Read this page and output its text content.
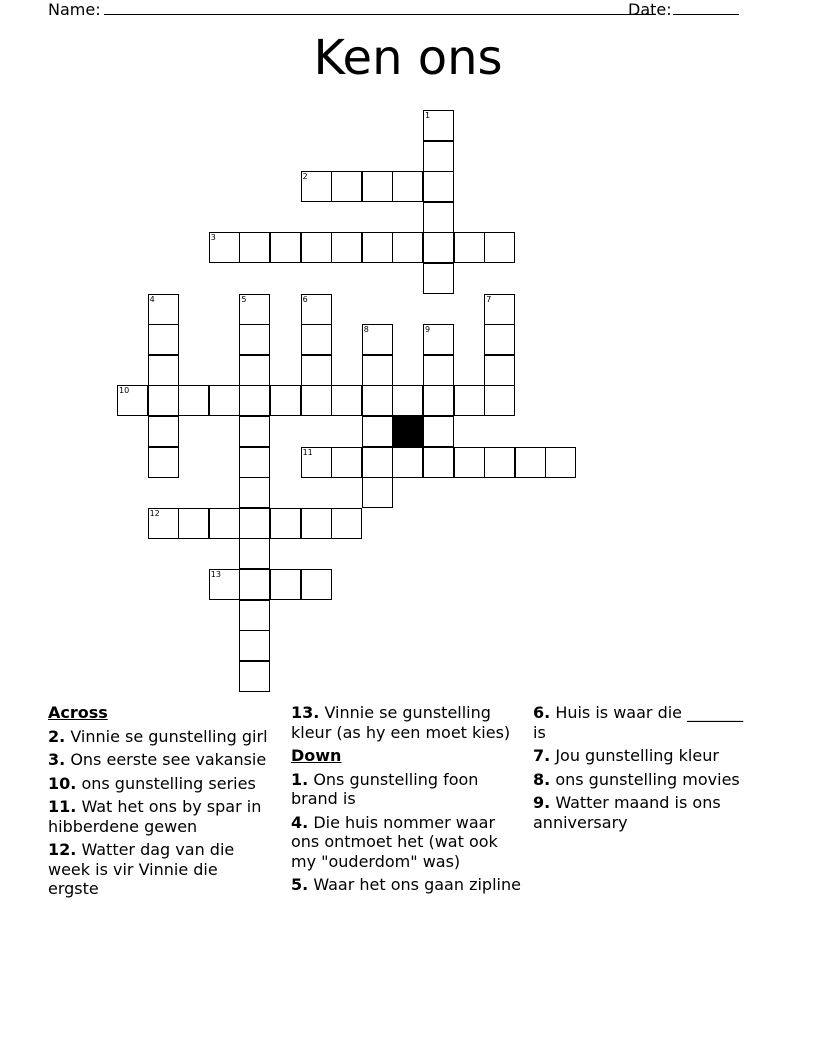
Name:	Date:
Ken ons
1
2
3
4	5	6	7
8	9
10
11
12
13
Across
2. Vinnie se gunstelling girl
3. Ons eerste see vakansie
10. ons gunstelling series
11. Wat het ons by spar in hibberdene gewen
12. Watter dag van die week is vir Vinnie die ergste
13. Vinnie se gunstelling kleur (as hy een moet kies)
Down
1. Ons gunstelling foon brand is
4. Die huis nommer waar ons ontmoet het (wat ook my "ouderdom" was)
5. Waar het ons gaan zipline
6. Huis is waar die _______ is
7. Jou gunstelling kleur
8. ons gunstelling movies
9. Watter maand is ons anniversary
